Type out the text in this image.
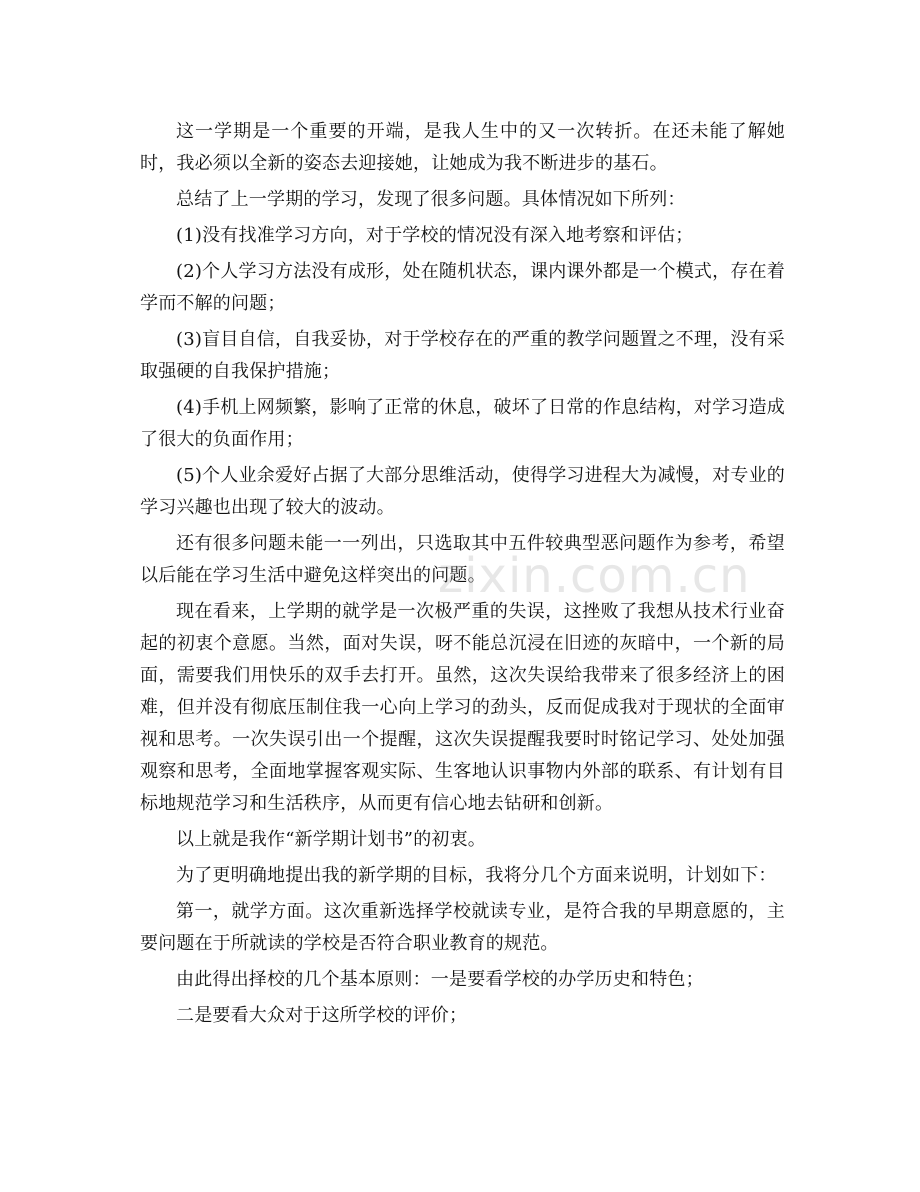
这一学期是一个重要的开端，是我人生中的又一次转折。在还未能了解她时，我必须以全新的姿态去迎接她，让她成为我不断进步的基石。

总结了上一学期的学习，发现了很多问题。具体情况如下所列：

(1)没有找准学习方向，对于学校的情况没有深入地考察和评估；

(2)个人学习方法没有成形，处在随机状态，课内课外都是一个模式，存在着学而不解的问题；

(3)盲目自信，自我妥协，对于学校存在的严重的教学问题置之不理，没有采取强硬的自我保护措施；

(4)手机上网频繁，影响了正常的休息，破坏了日常的作息结构，对学习造成了很大的负面作用；

(5)个人业余爱好占据了大部分思维活动，使得学习进程大为减慢，对专业的学习兴趣也出现了较大的波动。

还有很多问题未能一一列出，只选取其中五件较典型恶问题作为参考，希望以后能在学习生活中避免这样突出的问题。

现在看来，上学期的就学是一次极严重的失误，这挫败了我想从技术行业奋起的初衷个意愿。当然，面对失误，呀不能总沉浸在旧迹的灰暗中，一个新的局面，需要我们用快乐的双手去打开。虽然，这次失误给我带来了很多经济上的困难，但并没有彻底压制住我一心向上学习的劲头，反而促成我对于现状的全面审视和思考。一次失误引出一个提醒，这次失误提醒我要时时铭记学习、处处加强观察和思考，全面地掌握客观实际、生客地认识事物内外部的联系、有计划有目标地规范学习和生活秩序，从而更有信心地去钻研和创新。

以上就是我作“新学期计划书”的初衷。

为了更明确地提出我的新学期的目标，我将分几个方面来说明，计划如下：

第一，就学方面。这次重新选择学校就读专业，是符合我的早期意愿的，主要问题在于所就读的学校是否符合职业教育的规范。

由此得出择校的几个基本原则：一是要看学校的办学历史和特色；

二是要看大众对于这所学校的评价；

zixin.com.cn
